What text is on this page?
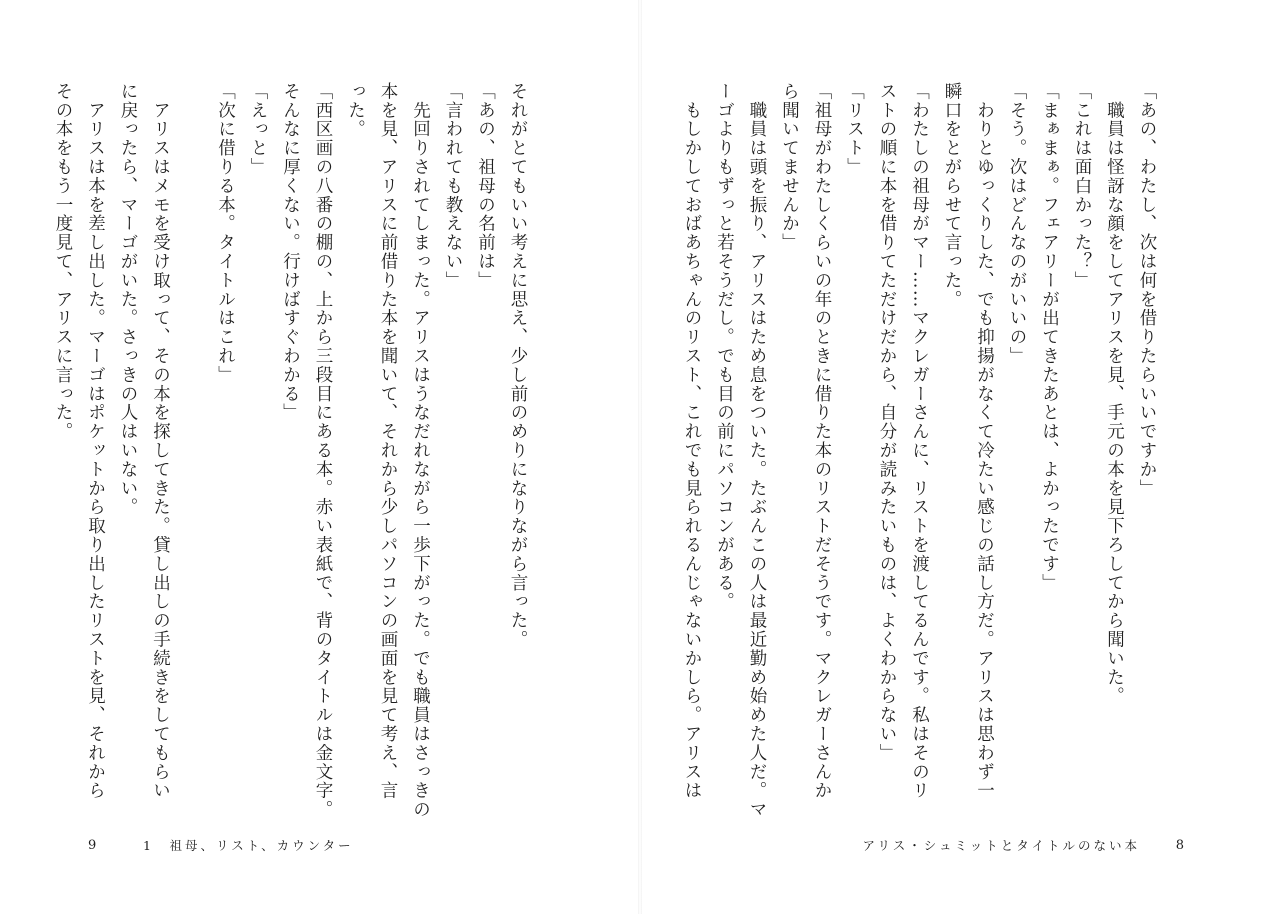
それがとてもいい考えに思え、少し前のめりになりながら言った。
「あの、祖母の名前は」
「言われても教えない」
　先回りされてしまった。アリスはうなだれながら一歩下がった。でも職員はさっきの
本を見、アリスに前借りた本を聞いて、それから少しパソコンの画面を見て考え、言
った。
「西区画の八番の棚の、上から三段目にある本。赤い表紙で、背のタイトルは金文字。
そんなに厚くない。行けばすぐわかる」
「えっと」
「次に借りる本。タイトルはこれ」

　アリスはメモを受け取って、その本を探してきた。貸し出しの手続きをしてもらい
に戻ったら、マーゴがいた。さっきの人はいない。
　アリスは本を差し出した。マーゴはポケットから取り出したリストを見、それから
その本をもう一度見て、アリスに言った。
9	1　祖母、リスト、カウンター
「あの、わたし、次は何を借りたらいいですか」
　職員は怪訝な顔をしてアリスを見、手元の本を見下ろしてから聞いた。
「これは面白かった？」
「まぁまぁ。フェアリーが出てきたあとは、よかったです」
「そう。次はどんなのがいいの」
　わりとゆっくりした、でも抑揚がなくて冷たい感じの話し方だ。アリスは思わず一
瞬口をとがらせて言った。
「わたしの祖母がマー……マクレガーさんに、リストを渡してるんです。私はそのリ
ストの順に本を借りてただけだから、自分が読みたいものは、よくわからない」
「リスト」
「祖母がわたしくらいの年のときに借りた本のリストだそうです。マクレガーさんか
ら聞いてませんか」
　職員は頭を振り、アリスはため息をついた。たぶんこの人は最近勤め始めた人だ。マ
ーゴよりもずっと若そうだし。でも目の前にパソコンがある。
　もしかしておばあちゃんのリスト、これでも見られるんじゃないかしら。アリスは
アリス・シュミットとタイトルのない本	8
